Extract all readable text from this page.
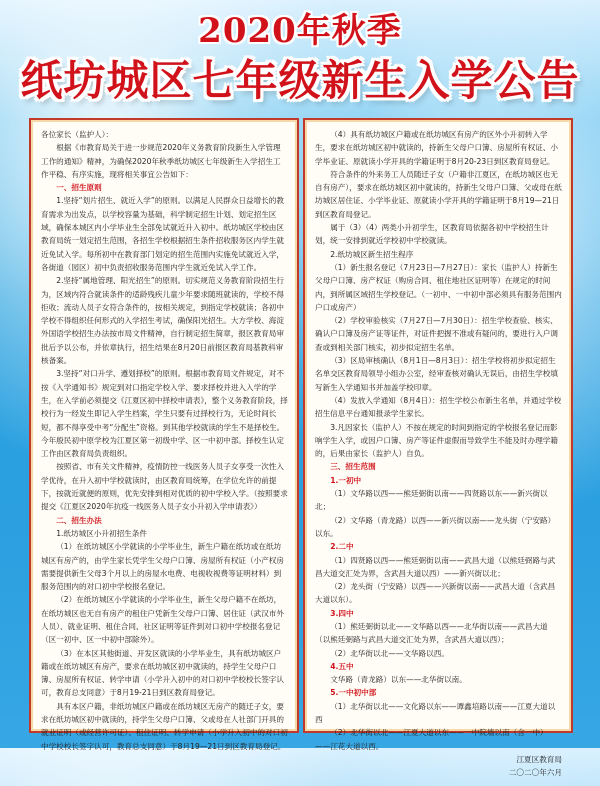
2020年秋季
纸坊城区七年级新生入学公告

各位家长（监护人）：

根据《市教育局关于进一步规范2020年义务教育阶段新生入学管理工作的通知》精神，为确保2020年秋季纸坊城区七年级新生入学招生工作平稳、有序实施，现将相关事宜公告如下：

一、招生原则

1.坚持“划片招生、就近入学”的原则。以满足人民群众日益增长的教育需求为出发点，以学校容量为基础，科学制定招生计划、划定招生区域，确保本城区内小学毕业生全部免试就近升入初中。纸坊城区学校由区教育局统一划定招生范围，各招生学校根据招生条件招收服务区内学生就近免试入学。每所初中在教育部门划定的招生范围内实施免试就近入学，各街道（园区）初中负责招收服务范围内学生就近免试入学工作。

2.坚持“属地管理、阳光招生”的原则。切实规范义务教育阶段招生行为，区域内符合就读条件的适龄残疾儿童少年要求随班就读的，学校不得拒收；流动人员子女符合条件的，按相关规定，到指定学校就读；各初中学校不得组织任何形式的入学招生考试，确保阳光招生。大方学校、海淀外国语学校招生办法按市局文件精神，自行制定招生简章，报区教育局审批后予以公布，并依章执行，招生结果在8月20日前报区教育局基教科审核备案。

3.坚持“对口升学、遵划择校”的原则。根据市教育局文件规定，对不按《入学通知书》规定到对口指定学校入学、要求择校并进入入学的学生，在入学前必须提交《江夏区初中择校申请表》，整个义务教育阶段，择校行为一经发生即记入学生档案，学生只要有过择校行为，无论时间长短，都不得享受中考“分配生”资格。到其他学校就读的学生不是择校生。今年殷民初中原学校为江夏区第一初级中学、区一中初中部。择校生认定工作由区教育局负责组织。

按照省、市有关文件精神，疫情防控一线医务人员子女享受一次性入学优待，在升入初中学校就读时，由区教育局统筹，在学位允许的前提下，按就近就便的原则，优先安排到相对优质的初中学校入学。（按照要求提交《江夏区2020年抗疫一线医务人员子女小升初入学申请表》）

二、招生办法

1.纸坊城区小升初招生条件

（1）在纸坊城区小学就读的小学毕业生，新生户籍在纸坊或在纸坊城区有房产的，由学生家长凭学生父母户口簿、房屋所有权证（小产权房需要提供新生父母3个月以上的房屋水电费、电视收视费等证明材料）到服务范围内的对口初中学校报名登记。

（2）在纸坊城区小学就读的小学毕业生，新生父母户籍不在纸坊，在纸坊城区也无自有房产的租住户凭新生父母户口簿、居住证（武汉市外人员）、就业证明、租住合同、社区证明等证件到对口初中学校报名登记（区一初中、区一中初中部除外）。

（3）在本区其他街道、开发区就读的小学毕业生，具有纸坊城区户籍或在纸坊城区有房产，要求在纸坊城区初中就读的，持学生父母户口簿、房屋所有权证、转学申请（小学升入初中的对口初中学校校长签字认可，教育总支同意）于8月19-21日到区教育局登记。

具有本区户籍，非纸坊城区户籍或在纸坊城区无房产的随迁子女，要求在纸坊城区初中就读的，持学生父母户口簿、父或母在人社部门开具的就业证明（或经营许可证）、租住证明、转学申请（小学升入初中的对口初中学校校长签字认可，教育总支同意）于8月19—21日到区教育局登记。

（4）具有纸坊城区户籍或在纸坊城区有房产的区外小升初转入学生，要求在纸坊城区初中就读的，持新生父母户口簿、房屋所有权证、小学毕业证、原就读小学开具的学籍证明于8月20-23日到区教育局登记。

符合条件的外来务工人员随迁子女（户籍非江夏区，在纸坊城区也无自有房产），要求在纸坊城区初中就读的，持新生父母户口簿、父或母在纸坊城区居住证、小学毕业证、原就读小学开具的学籍证明于8月19—21日到区教育局登记。

属于（3）（4）两类小升初学生，区教育局依据各初中学校招生计划，统一安排到就近学校初中学校就读。

2.纸坊城区新生招生程序

（1）新生报名登记（7月23日—7月27日）：家长（监护人）持新生父母户口簿、房产权证（购房合同、租住地社区证明等）在规定的时间内，到所属区域招生学校登记。（一初中、一中初中部必须具有服务范围内户口或房产）

（2）学校审验核实（7月27日—7月30日）：招生学校查验、核实、确认户口簿及房产证等证件，对证件把握不准或有疑问的，要进行入户调查或到相关部门核实，初步拟定招生名单。

（3）区局审核确认（8月1日—8月3日）：招生学校将初步拟定招生名单交区教育局领导小组办公室，经审查核对确认无误后，由招生学校填写新生入学通知书并加盖学校印章。

（4）发放入学通知（8月4日）：招生学校公布新生名单，并通过学校招生信息平台通知报录学生家长。

3.凡因家长（监护人）不按在规定的时间到指定的学校报名登记而影响学生入学，或因户口簿、房产等证件虚假而导致学生不能及时办理学籍的，后果由家长（监护人）自负。

三、招生范围

1.一初中

（1）文华路以西——熊廷弼街以南——四贤路以东——新兴街以北；

（2）文华路（青龙路）以西——新兴街以南——龙头街（宁安路）以东。

2.二中

（1）四贤路以西——熊廷弼街以南——武昌大道（以熊廷弼路与武昌大道交汇处为界，含武昌大道以西）——新兴街以北；

（2）龙头街（宁安路）以西——兴新街以南——武昌大道（含武昌大道以东）。

3.四中

（1）熊廷弼街以北——文华路以西——北华街以南——武昌大道（以熊廷弼路与武昌大道交汇处为界，含武昌大道以西）；

（2）北华街以北——文华路以西。

4.五中

文华路（青龙路）以东——北华街以南。

5.一中初中部

（1）北华街以北——文化路以东——谭鑫培路以南——江夏大道以西

（2）北华街以北——江夏大道以东——一中院墙以南（含一中）——江花大道以西。

江夏区教育局

二〇二〇年六月
